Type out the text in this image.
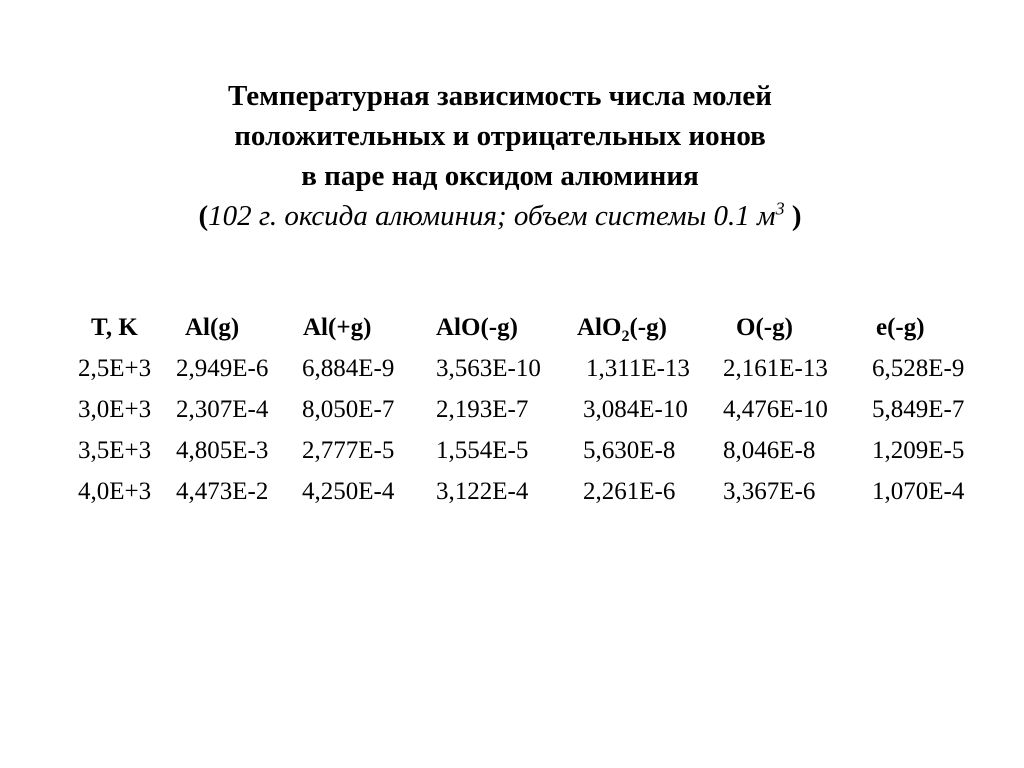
Температурная зависимость числа молей
положительных и отрицательных ионов
в паре над оксидом алюминия
(102 г. оксида алюминия; объем системы 0.1 $м^3$ )
T, K Al(g)	Al(+g)	AlO(-g) AlO$_2$(-g)	O(-g)	e(-g)
2,5E+3 2,949E-6 6,884E-9 3,563E-10 1,311E-13 2,161E-13 6,528E-9
3,0E+3 2,307E-4 8,050E-7 2,193E-7 3,084E-10 4,476E-10 5,849E-7
3,5E+3 4,805E-3 2,777E-5 1,554E-5 5,630E-8 8,046E-8 1,209E-5
4,0E+3 4,473E-2 4,250E-4 3,122E-4 2,261E-6 3,367E-6 1,070E-4
